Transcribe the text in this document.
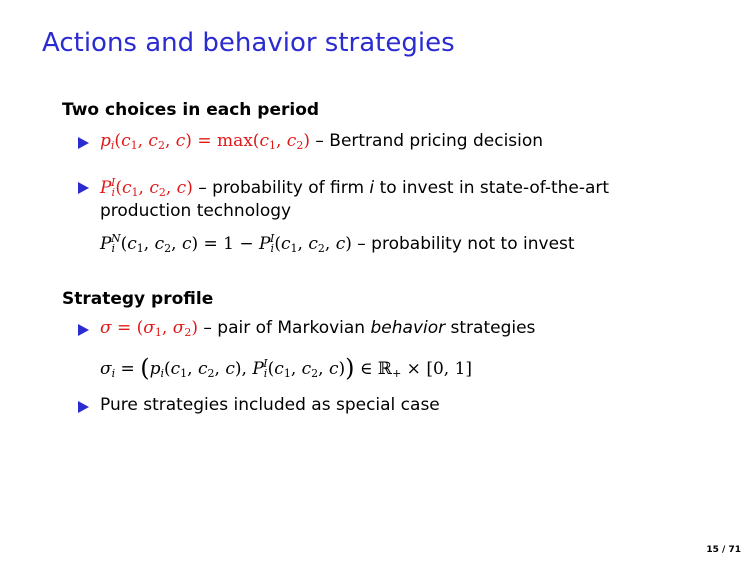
Actions and behavior strategies
Two choices in each period
$p_i(c_1$, $c_2$, $c) = \max(c_1$, $c_2$) – Bertrand pricing decision
$P_i^I(c_1$, $c_2$, c) – probability of firm i to invest in state-of-the-art
production technology
$P_i^N(c_1$, $c_2$, $c) = 1 - P_i^I(c_1$, $c_2$, c) – probability not to invest
Strategy profile
$\sigma = (\sigma_1$, $\sigma_2$) – pair of Markovian behavior strategies
$\sigma_i = (p_i(c_1$, $c_2$, c), $P_i^I(c_1$, $c_2$, c)) ∈ ℝ$_+$ × [0, 1]
Pure strategies included as special case
15 / 71
